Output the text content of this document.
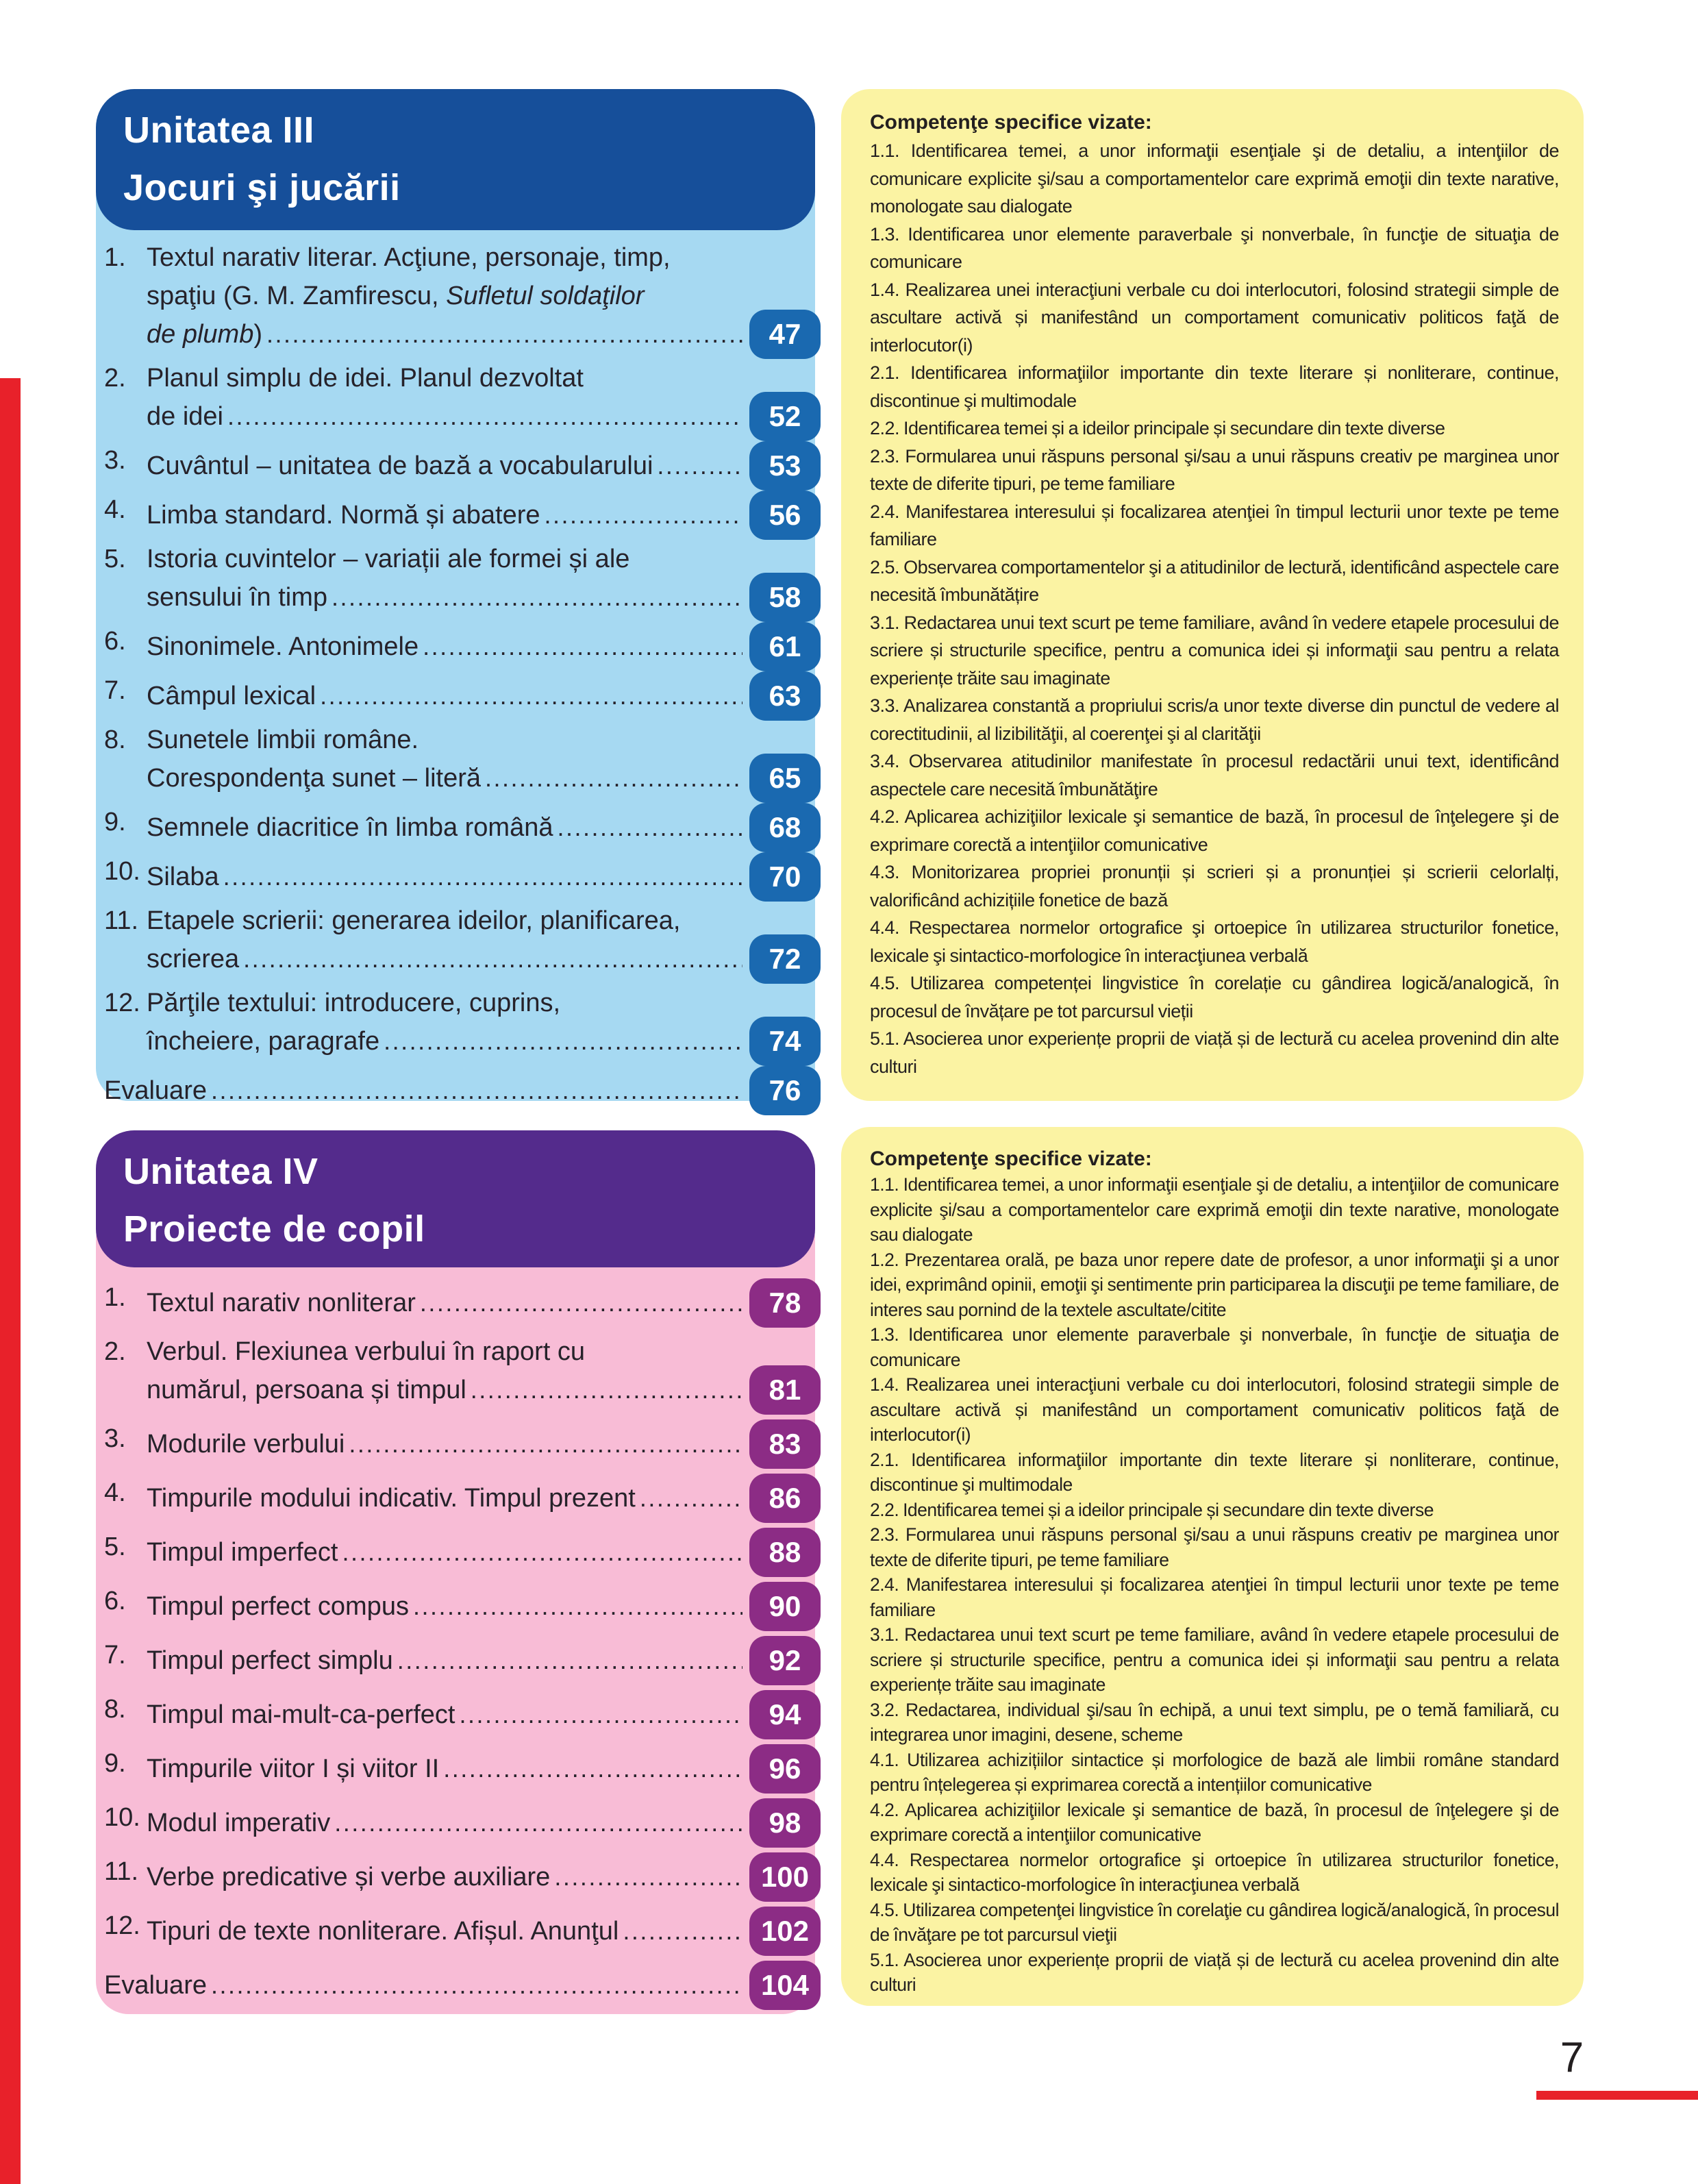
Unitatea III
Jocuri şi jucării
1. Textul narativ literar. Acţiune, personaje, timp,
spaţiu (G. M. Zamfirescu, Sufletul soldaţilor
de plumb) .....	47
2. Planul simplu de idei. Planul dezvoltat
de idei .....	52
3. Cuvântul – unitatea de bază a vocabularului .....	53
4. Limba standard. Normă și abatere .....	56
5. Istoria cuvintelor – variații ale formei și ale
sensului în timp .....	58
6. Sinonimele. Antonimele .....	61
7. Câmpul lexical .....	63
8. Sunetele limbii române.
Corespondenţa sunet – literă .....	65
9. Semnele diacritice în limba română .....	68
10. Silaba .....	70
11. Etapele scrierii: generarea ideilor, planificarea,
scrierea .....	72
12. Părţile textului: introducere, cuprins,
încheiere, paragrafe .....	74
Evaluare .....	76
Competenţe specifice vizate:

1.1. Identificarea temei, a unor informaţii esenţiale şi de detaliu, a intenţiilor de comunicare explicite şi/sau a comportamentelor care exprimă emoţii din texte narative, monologate sau dialogate

1.3. Identificarea unor elemente paraverbale şi nonverbale, în funcţie de situaţia de comunicare

1.4. Realizarea unei interacţiuni verbale cu doi interlocutori, folosind strategii simple de ascultare activă și manifestând un comportament comunicativ politicos faţă de interlocutor(i)

2.1. Identificarea informaţiilor importante din texte literare și nonliterare, continue, discontinue şi multimodale

2.2. Identificarea temei și a ideilor principale și secundare din texte diverse

2.3. Formularea unui răspuns personal şi/sau a unui răspuns creativ pe marginea unor texte de diferite tipuri, pe teme familiare

2.4. Manifestarea interesului și focalizarea atenţiei în timpul lecturii unor texte pe teme familiare

2.5. Observarea comportamentelor şi a atitudinilor de lectură, identificând aspectele care necesită îmbunătățire

3.1. Redactarea unui text scurt pe teme familiare, având în vedere etapele procesului de scriere și structurile specifice, pentru a comunica idei și informaţii sau pentru a relata experiențe trăite sau imaginate

3.3. Analizarea constantă a propriului scris/a unor texte diverse din punctul de vedere al corectitudinii, al lizibilităţii, al coerenţei şi al clarităţii

3.4. Observarea atitudinilor manifestate în procesul redactării unui text, identificând aspectele care necesită îmbunătăţire

4.2. Aplicarea achiziţiilor lexicale şi semantice de bază, în procesul de înţelegere şi de exprimare corectă a intenţiilor comunicative

4.3. Monitorizarea propriei pronunții și scrieri și a pronunției și scrierii celorlalți, valorificând achizițiile fonetice de bază

4.4. Respectarea normelor ortografice şi ortoepice în utilizarea structurilor fonetice, lexicale şi sintactico-morfologice în interacţiunea verbală

4.5. Utilizarea competenței lingvistice în corelație cu gândirea logică/analogică, în procesul de învățare pe tot parcursul vieții

5.1. Asocierea unor experiențe proprii de viață și de lectură cu acelea provenind din alte culturi

Unitatea IV
Proiecte de copil
1. Textul narativ nonliterar .....	78
2. Verbul. Flexiunea verbului în raport cu
numărul, persoana și timpul .....	81
3. Modurile verbului .....	83
4. Timpurile modului indicativ. Timpul prezent .....	86
5. Timpul imperfect .....	88
6. Timpul perfect compus .....	90
7. Timpul perfect simplu .....	92
8. Timpul mai-mult-ca-perfect .....	94
9. Timpurile viitor I și viitor II .....	96
10. Modul imperativ .....	98
11. Verbe predicative și verbe auxiliare .....	100
12. Tipuri de texte nonliterare. Afișul. Anunţul .....	102
Evaluare .....	104
Competenţe specifice vizate:

1.1. Identificarea temei, a unor informaţii esenţiale şi de detaliu, a intenţiilor de comunicare explicite şi/sau a comportamentelor care exprimă emoţii din texte narative, monologate sau dialogate

1.2. Prezentarea orală, pe baza unor repere date de profesor, a unor informaţii şi a unor idei, exprimând opinii, emoţii şi sentimente prin participarea la discuţii pe teme familiare, de interes sau pornind de la textele ascultate/citite

1.3. Identificarea unor elemente paraverbale şi nonverbale, în funcţie de situaţia de comunicare

1.4. Realizarea unei interacţiuni verbale cu doi interlocutori, folosind strategii simple de ascultare activă și manifestând un comportament comunicativ politicos faţă de interlocutor(i)

2.1. Identificarea informaţiilor importante din texte literare și nonliterare, continue, discontinue şi multimodale

2.2. Identificarea temei și a ideilor principale și secundare din texte diverse

2.3. Formularea unui răspuns personal şi/sau a unui răspuns creativ pe marginea unor texte de diferite tipuri, pe teme familiare

2.4. Manifestarea interesului și focalizarea atenţiei în timpul lecturii unor texte pe teme familiare

3.1. Redactarea unui text scurt pe teme familiare, având în vedere etapele procesului de scriere și structurile specifice, pentru a comunica idei și informaţii sau pentru a relata experiențe trăite sau imaginate

3.2. Redactarea, individual şi/sau în echipă, a unui text simplu, pe o temă familiară, cu integrarea unor imagini, desene, scheme

4.1. Utilizarea achizițiilor sintactice și morfologice de bază ale limbii române standard pentru înțelegerea și exprimarea corectă a intențiilor comunicative

4.2. Aplicarea achiziţiilor lexicale şi semantice de bază, în procesul de înţelegere şi de exprimare corectă a intenţiilor comunicative

4.4. Respectarea normelor ortografice şi ortoepice în utilizarea structurilor fonetice, lexicale şi sintactico-morfologice în interacţiunea verbală

4.5. Utilizarea competenţei lingvistice în corelaţie cu gândirea logică/analogică, în procesul de învăţare pe tot parcursul vieţii

5.1. Asocierea unor experiențe proprii de viață și de lectură cu acelea provenind din alte culturi

7
